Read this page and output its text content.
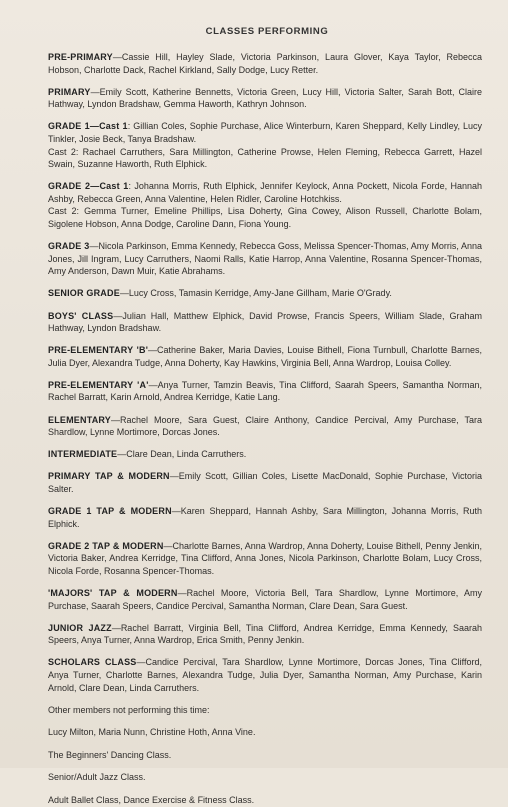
CLASSES PERFORMING
PRE-PRIMARY—Cassie Hill, Hayley Slade, Victoria Parkinson, Laura Glover, Kaya Taylor, Rebecca Hobson, Charlotte Dack, Rachel Kirkland, Sally Dodge, Lucy Retter.
PRIMARY—Emily Scott, Katherine Bennetts, Victoria Green, Lucy Hill, Victoria Salter, Sarah Bott, Claire Hathway, Lyndon Bradshaw, Gemma Haworth, Kathryn Johnson.
GRADE 1—Cast 1: Gillian Coles, Sophie Purchase, Alice Winterburn, Karen Sheppard, Kelly Lindley, Lucy Tinkler, Josie Beck, Tanya Bradshaw.
Cast 2: Rachael Carruthers, Sara Millington, Catherine Prowse, Helen Fleming, Rebecca Garrett, Hazel Swain, Suzanne Haworth, Ruth Elphick.
GRADE 2—Cast 1: Johanna Morris, Ruth Elphick, Jennifer Keylock, Anna Pockett, Nicola Forde, Hannah Ashby, Rebecca Green, Anna Valentine, Helen Ridler, Caroline Hotchkiss.
Cast 2: Gemma Turner, Emeline Phillips, Lisa Doherty, Gina Cowey, Alison Russell, Charlotte Bolam, Sigolene Hobson, Anna Dodge, Caroline Dann, Fiona Young.
GRADE 3—Nicola Parkinson, Emma Kennedy, Rebecca Goss, Melissa Spencer-Thomas, Amy Morris, Anna Jones, Jill Ingram, Lucy Carruthers, Naomi Ralls, Katie Harrop, Anna Valentine, Rosanna Spencer-Thomas, Amy Anderson, Dawn Muir, Katie Abrahams.
SENIOR GRADE—Lucy Cross, Tamasin Kerridge, Amy-Jane Gillham, Marie O'Grady.
BOYS' CLASS—Julian Hall, Matthew Elphick, David Prowse, Francis Speers, William Slade, Graham Hathway, Lyndon Bradshaw.
PRE-ELEMENTARY 'B'—Catherine Baker, Maria Davies, Louise Bithell, Fiona Turnbull, Charlotte Barnes, Julia Dyer, Alexandra Tudge, Anna Doherty, Kay Hawkins, Virginia Bell, Anna Wardrop, Louisa Colley.
PRE-ELEMENTARY 'A'—Anya Turner, Tamzin Beavis, Tina Clifford, Saarah Speers, Samantha Norman, Rachel Barratt, Karin Arnold, Andrea Kerridge, Katie Lang.
ELEMENTARY—Rachel Moore, Sara Guest, Claire Anthony, Candice Percival, Amy Purchase, Tara Shardlow, Lynne Mortimore, Dorcas Jones.
INTERMEDIATE—Clare Dean, Linda Carruthers.
PRIMARY TAP & MODERN—Emily Scott, Gillian Coles, Lisette MacDonald, Sophie Purchase, Victoria Salter.
GRADE 1 TAP & MODERN—Karen Sheppard, Hannah Ashby, Sara Millington, Johanna Morris, Ruth Elphick.
GRADE 2 TAP & MODERN—Charlotte Barnes, Anna Wardrop, Anna Doherty, Louise Bithell, Penny Jenkin, Victoria Baker, Andrea Kerridge, Tina Clifford, Anna Jones, Nicola Parkinson, Charlotte Bolam, Lucy Cross, Nicola Forde, Rosanna Spencer-Thomas.
'MAJORS' TAP & MODERN—Rachel Moore, Victoria Bell, Tara Shardlow, Lynne Mortimore, Amy Purchase, Saarah Speers, Candice Percival, Samantha Norman, Clare Dean, Sara Guest.
JUNIOR JAZZ—Rachel Barratt, Virginia Bell, Tina Clifford, Andrea Kerridge, Emma Kennedy, Saarah Speers, Anya Turner, Anna Wardrop, Erica Smith, Penny Jenkin.
SCHOLARS CLASS—Candice Percival, Tara Shardlow, Lynne Mortimore, Dorcas Jones, Tina Clifford, Anya Turner, Charlotte Barnes, Alexandra Tudge, Julia Dyer, Samantha Norman, Amy Purchase, Karin Arnold, Clare Dean, Linda Carruthers.
Other members not performing this time:
Lucy Milton, Maria Nunn, Christine Hoth, Anna Vine.
The Beginners' Dancing Class.
Senior/Adult Jazz Class.
Adult Ballet Class, Dance Exercise & Fitness Class.
